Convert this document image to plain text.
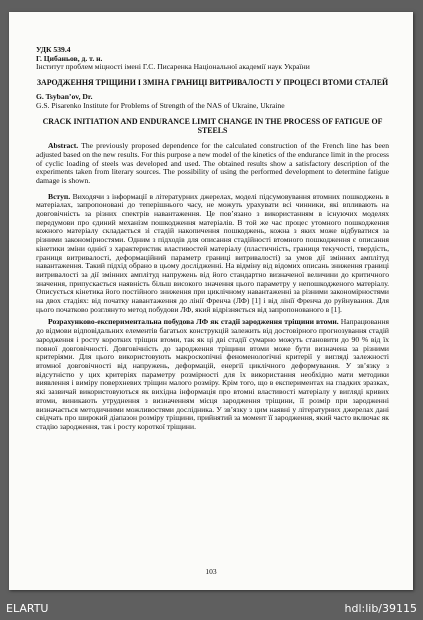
УДК 539.4

Г. Цибаньов, д. т. н.

Інститут проблем міцності імені Г.С. Писаренка Національної академії наук України

ЗАРОДЖЕННЯ ТРІЩИНИ І ЗМІНА ГРАНИЦІ ВИТРИВАЛОСТІ У ПРОЦЕСІ ВТОМИ СТАЛЕЙ

G. Tsyban’ov, Dr.

G.S. Pisarenko Institute for Problems of Strength of the NAS of Ukraine, Ukraine

CRACK INITIATION AND ENDURANCE LIMIT CHANGE IN THE PROCESS OF FATIGUE OF STEELS

Abstract. The previously proposed dependence for the calculated construction of the French line has been adjusted based on the new results. For this purpose a new model of the kinetics of the endurance limit in the process of cyclic loading of steels was developed and used. The obtained results show a satisfactory description of the experiments taken from literary sources. The possibility of using the performed development to determine fatigue damage is shown.

Вступ. Виходячи з інформації в літературних джерелах, моделі підсумовування втомних пошкоджень в матеріалах, запропоновані до теперішнього часу, не можуть урахувати всі чинники, які впливають на довговічність за різних спектрів навантаження. Це пов’язано з використанням в існуючих моделях передумови про єдиний механізм пошкодження матеріалів. В той же час процес утомного пошкодження кожного матеріалу складається зі стадій накопичення пошкоджень, кожна з яких може відбуватися за різними закономірностями. Одним з підходів для описання стадійності втомного пошкодження є описання кінетики зміни однієї з характеристик властивостей матеріалу (пластичність, границя текучості, твердість, границя витривалості, деформаційний параметр границі витривалості) за умов дії змінних амплітуд навантаження. Такий підхід обрано в цьому дослідженні. На відміну від відомих описань зниження границі витривалості за дії змінних амплітуд напружень від його стандартно визначеної величини до критичного значення, припускається наявність більш високого значення цього параметру у непошкодженого матеріалу. Описується кінетика його постійного зниження при циклічному навантаженні за різними закономірностями на двох стадіях: від початку навантаження до лінії Френча (ЛФ) [1] і від лінії Френча до руйнування. Для цього початково розглянуто метод побудови ЛФ, який відрізняється від запропонованого в [1].

Розрахунково-експериментальна побудова ЛФ як стадії зародження тріщини втоми. Напрацювання до відмови відповідальних елементів багатьох конструкцій залежить від достовірного прогнозування стадій зародження і росту коротких тріщин втоми, так як ці дві стадії сумарно можуть становити до 90 % від їх повної довговічності. Довговічність до зародження тріщини втоми може бути визначена за різними критеріями. Для цього використовують макроскопічні феноменологічні критерії у вигляді залежності втомної довговічності від напружень, деформацій, енергії циклічного деформування. У зв’язку з відсутністю у цих критеріях параметру розмірності для їх використання необхідно мати методики виявлення і виміру поверхневих тріщин малого розміру. Крім того, що в експериментах на гладких зразках, які зазвичай використовуються як вихідна інформація про втомні властивості матеріалу у вигляді кривих втоми, виникають утруднення з визначенням місця зародження тріщини, її розмір при зародженні визначається методичними можливостями дослідника. У зв’язку з цим наявні у літературних джерелах дані свідчать про широкий діапазон розміру тріщини, прийнятий за момент її зародження, який часто включає як стадію зародження, так і росту короткої тріщини.

103
ELARTU	hdl:lib/39115
